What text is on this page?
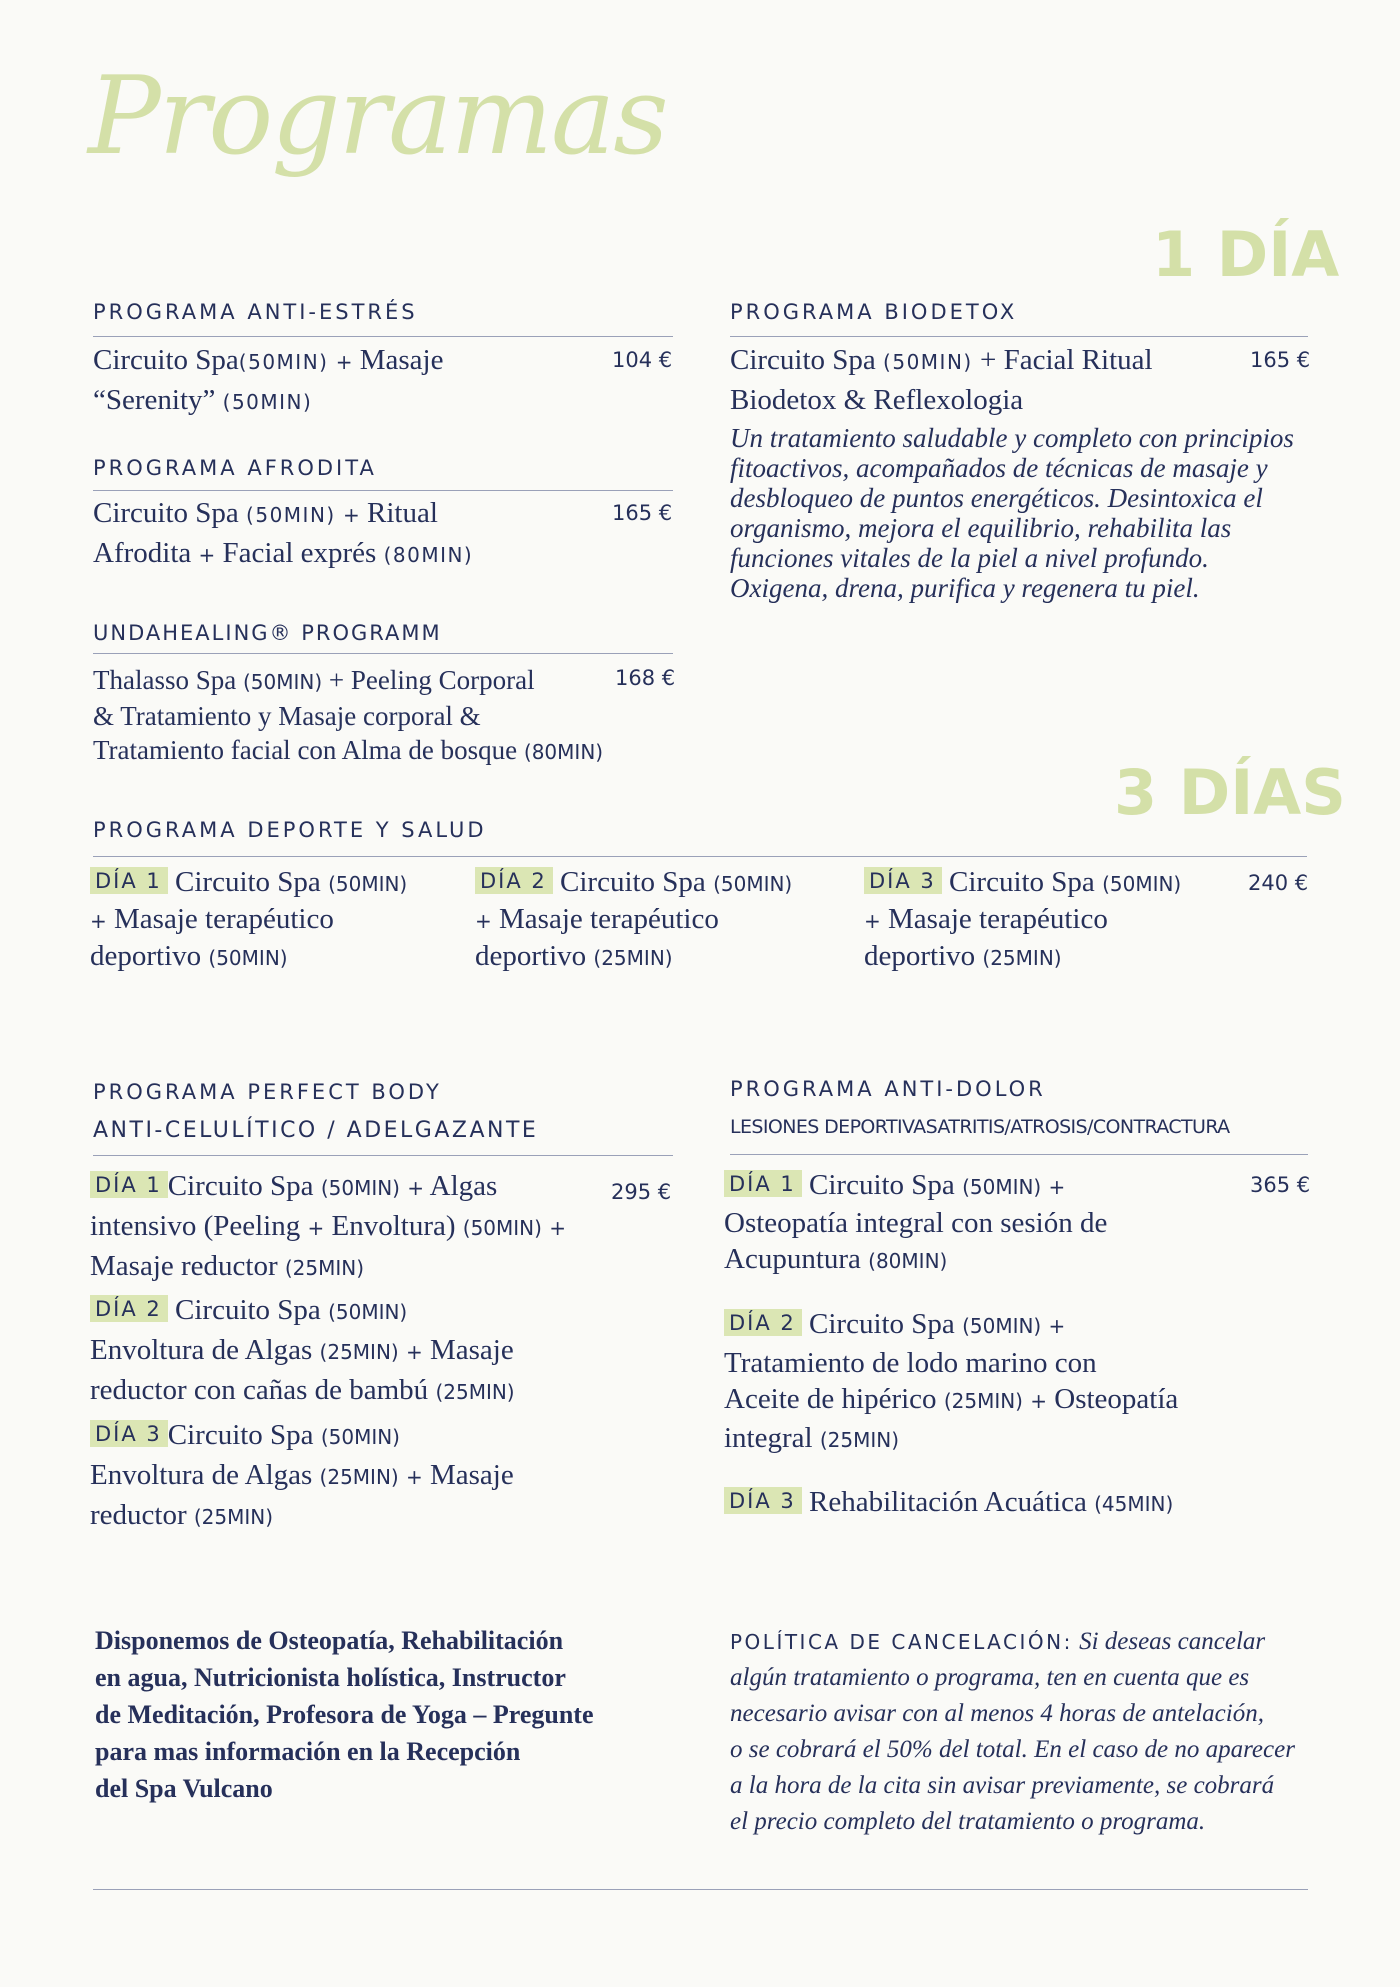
Programas
1 DÍA
PROGRAMA ANTI-ESTRÉS
Circuito Spa(50MIN) + Masaje
“Serenity” (50MIN)
104 €
PROGRAMA AFRODITA
Circuito Spa (50MIN) + Ritual
Afrodita + Facial exprés (80MIN)
165 €
UNDAHEALING® PROGRAMM
Thalasso Spa (50MIN) + Peeling Corporal
& Tratamiento y Masaje corporal &
Tratamiento facial con Alma de bosque (80MIN)
168 €
PROGRAMA BIODETOX
Circuito Spa (50MIN) + Facial Ritual
Biodetox & Reflexologia
165 €
Un tratamiento saludable y completo con principios
fitoactivos, acompañados de técnicas de masaje y
desbloqueo de puntos energéticos. Desintoxica el
organismo, mejora el equilibrio, rehabilita las
funciones vitales de la piel a nivel profundo.
Oxigena, drena, purifica y regenera tu piel.
3 DÍAS
PROGRAMA DEPORTE Y SALUD
DÍA 1 Circuito Spa (50MIN)
+ Masaje terapéutico
deportivo (50MIN)
DÍA 2 Circuito Spa (50MIN)
+ Masaje terapéutico
deportivo (25MIN)
DÍA 3 Circuito Spa (50MIN)
+ Masaje terapéutico
deportivo (25MIN)
240 €
PROGRAMA PERFECT BODY
ANTI-CELULÍTICO / ADELGAZANTE
DÍA 1 Circuito Spa (50MIN) + Algas
intensivo (Peeling + Envoltura) (50MIN) +
Masaje reductor (25MIN)
295 €
DÍA 2 Circuito Spa (50MIN)
Envoltura de Algas (25MIN) + Masaje
reductor con cañas de bambú (25MIN)
DÍA 3 Circuito Spa (50MIN)
Envoltura de Algas (25MIN) + Masaje
reductor (25MIN)
PROGRAMA ANTI-DOLOR
LESIONES DEPORTIVASATRITIS/ATROSIS/CONTRACTURA
DÍA 1 Circuito Spa (50MIN) +
Osteopatía integral con sesión de
Acupuntura (80MIN)
365 €
DÍA 2 Circuito Spa (50MIN) +
Tratamiento de lodo marino con
Aceite de hipérico (25MIN) + Osteopatía
integral (25MIN)
DÍA 3 Rehabilitación Acuática (45MIN)
Disponemos de Osteopatía, Rehabilitación
en agua, Nutricionista holística, Instructor
de Meditación, Profesora de Yoga – Pregunte
para mas información en la Recepción
del Spa Vulcano
POLÍTICA DE CANCELACIÓN: Si deseas cancelar
algún tratamiento o programa, ten en cuenta que es
necesario avisar con al menos 4 horas de antelación,
o se cobrará el 50% del total. En el caso de no aparecer
a la hora de la cita sin avisar previamente, se cobrará
el precio completo del tratamiento o programa.
